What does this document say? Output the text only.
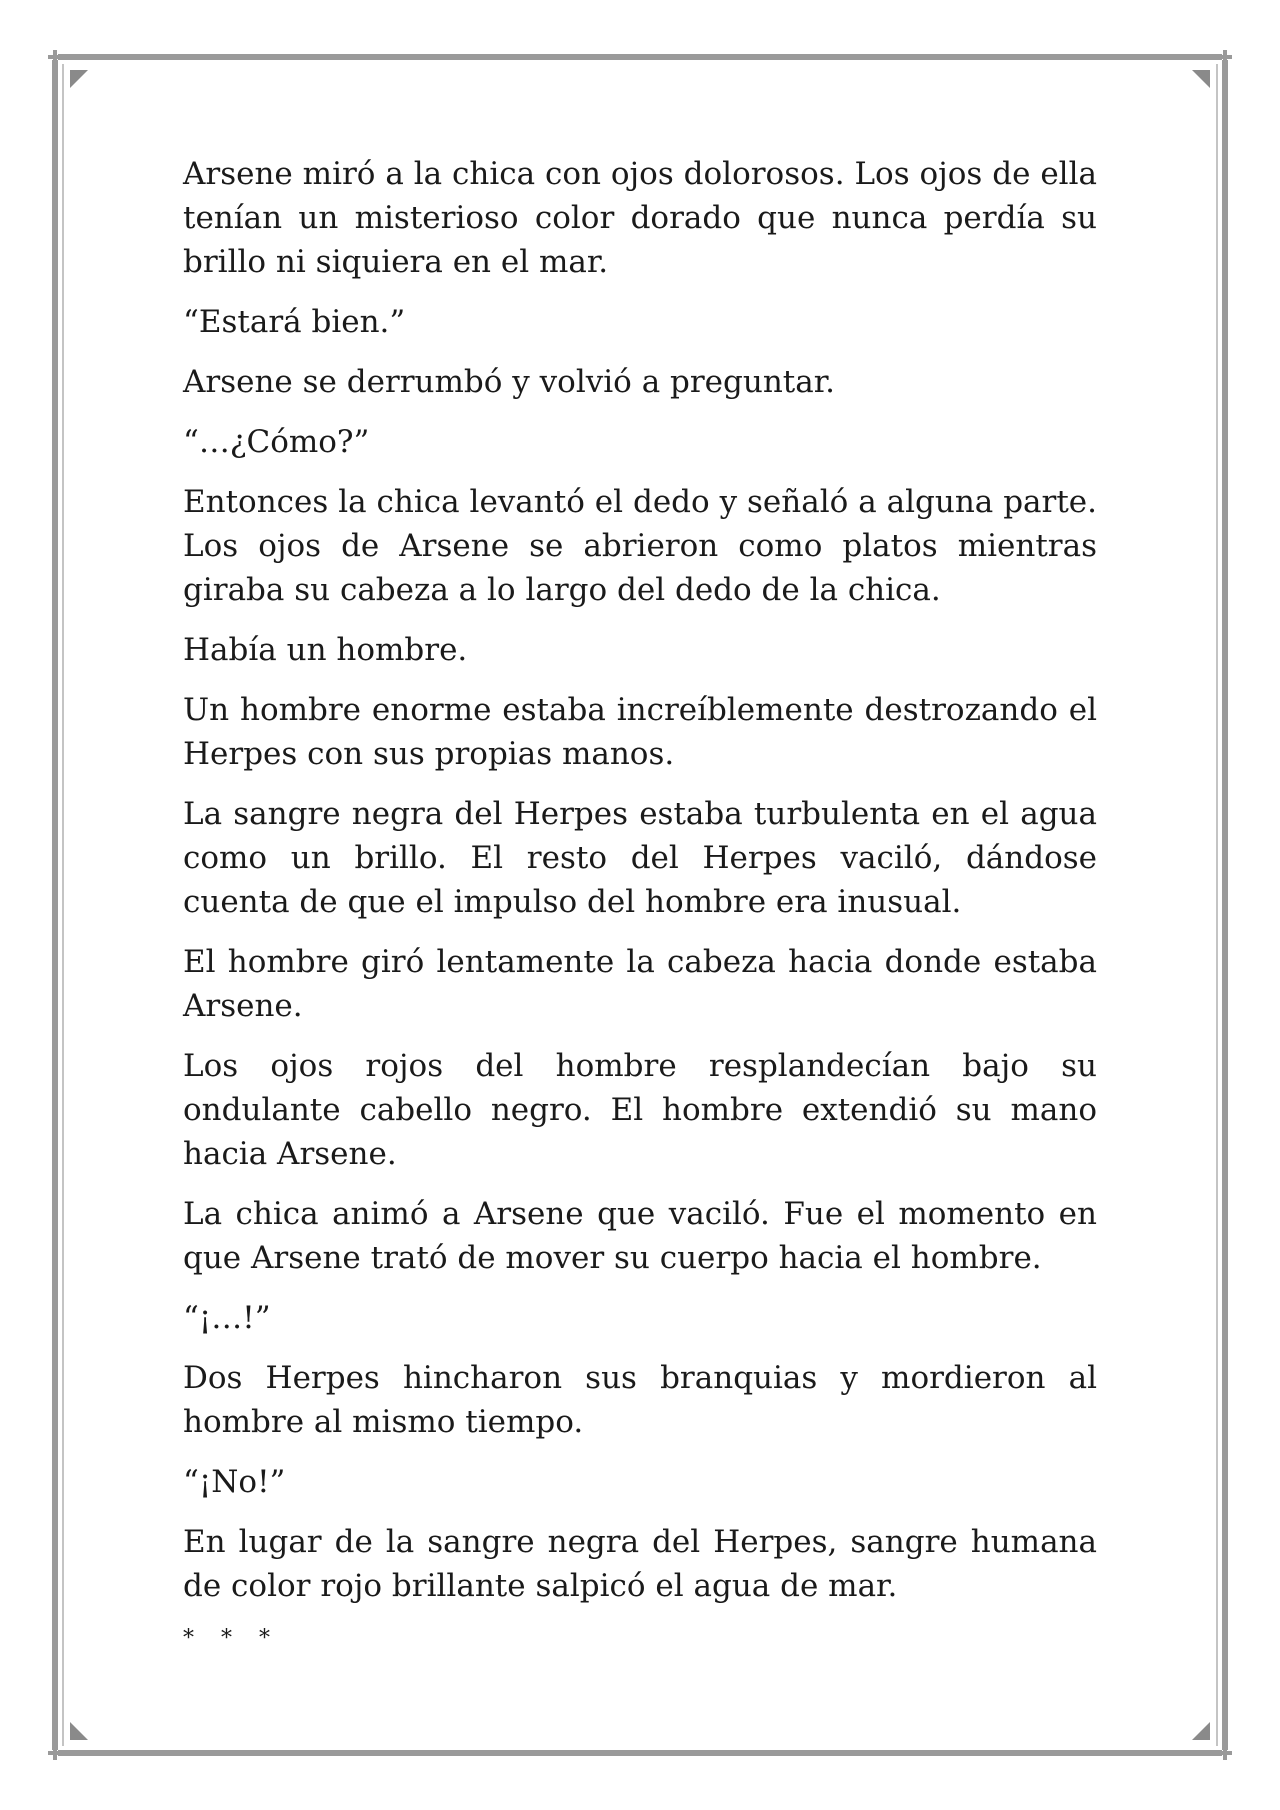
Arsene miró a la chica con ojos dolorosos. Los ojos de ella tenían un misterioso color dorado que nunca perdía su brillo ni siquiera en el mar.

“Estará bien.”

Arsene se derrumbó y volvió a preguntar.

“…¿Cómo?”

Entonces la chica levantó el dedo y señaló a alguna parte. Los ojos de Arsene se abrieron como platos mientras giraba su cabeza a lo largo del dedo de la chica.

Había un hombre.

Un hombre enorme estaba increíblemente destrozando el Herpes con sus propias manos.

La sangre negra del Herpes estaba turbulenta en el agua como un brillo. El resto del Herpes vaciló, dándose cuenta de que el impulso del hombre era inusual.

El hombre giró lentamente la cabeza hacia donde estaba Arsene.

Los ojos rojos del hombre resplandecían bajo su ondulante cabello negro. El hombre extendió su mano hacia Arsene.

La chica animó a Arsene que vaciló. Fue el momento en que Arsene trató de mover su cuerpo hacia el hombre.

“¡…!”

Dos Herpes hincharon sus branquias y mordieron al hombre al mismo tiempo.

“¡No!”

En lugar de la sangre negra del Herpes, sangre humana de color rojo brillante salpicó el agua de mar.

* * *
